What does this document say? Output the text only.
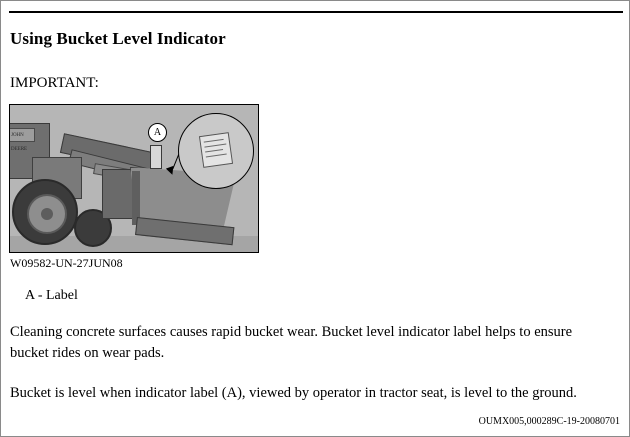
Using Bucket Level Indicator
IMPORTANT:
JOHN DEERE
A
W09582-UN-27JUN08
A - Label
Cleaning concrete surfaces causes rapid bucket wear. Bucket level indicator label helps to ensure bucket rides on wear pads.
Bucket is level when indicator label (A), viewed by operator in tractor seat, is level to the ground.
OUMX005,000289C-19-20080701
